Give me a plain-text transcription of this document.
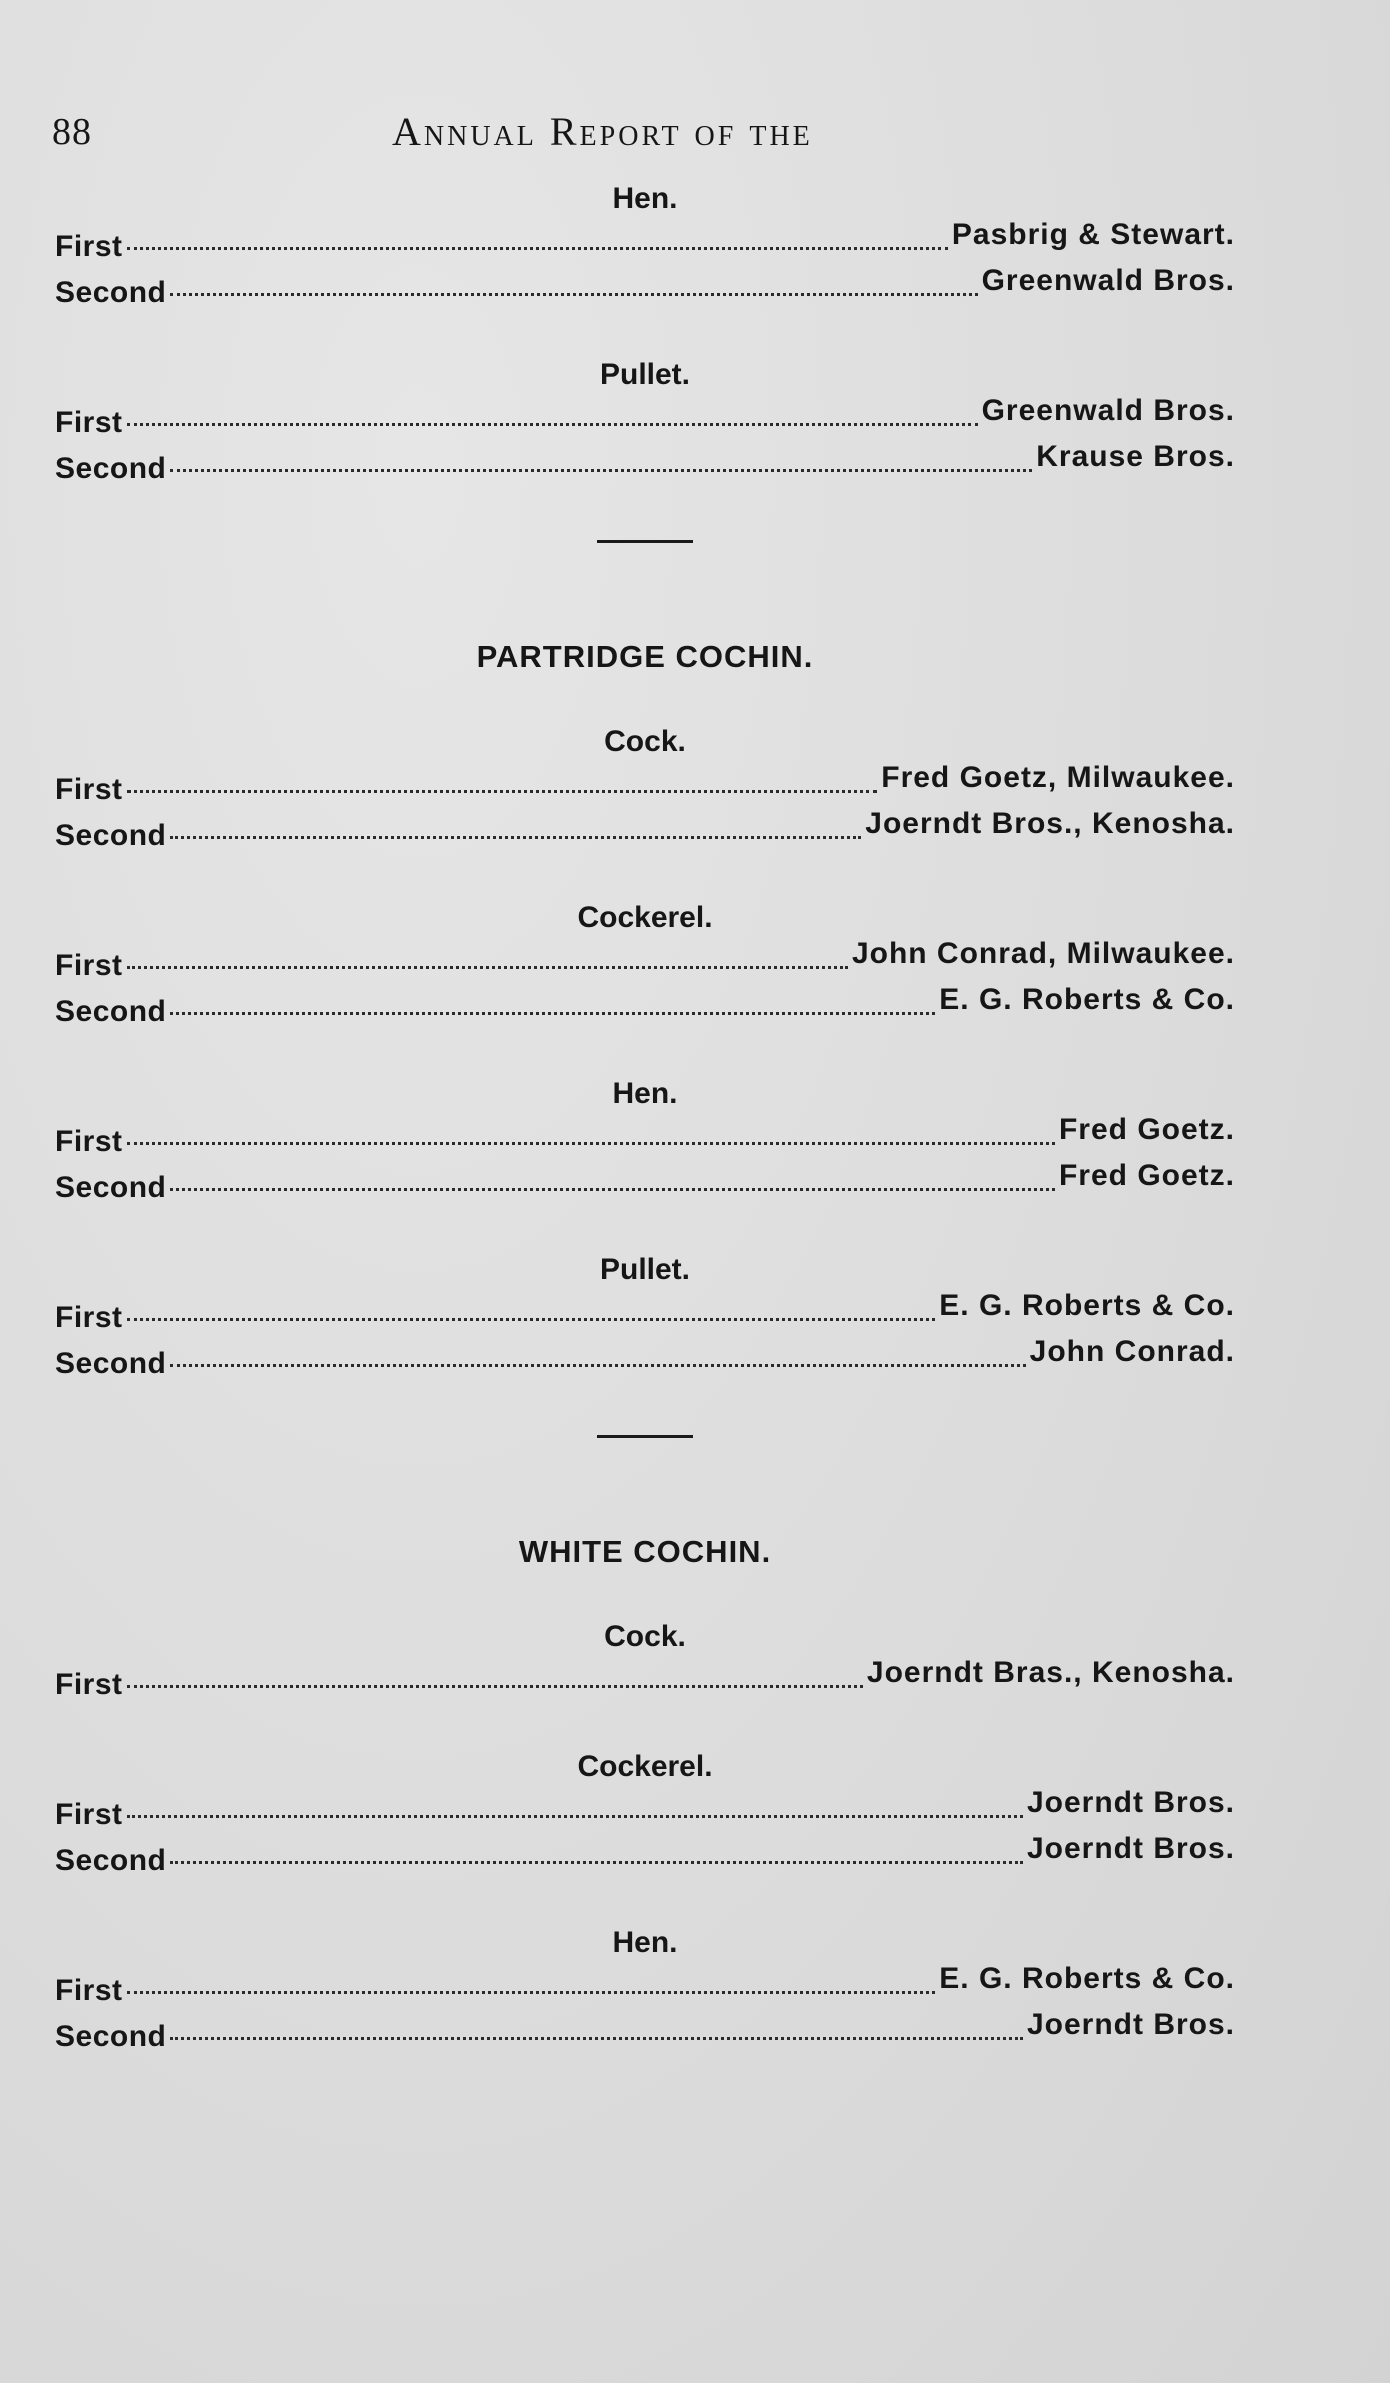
88	Annual Report of the
Hen.
First	Pasbrig & Stewart.
Second	Greenwald Bros.
Pullet.
First	Greenwald Bros.
Second	Krause Bros.
PARTRIDGE COCHIN.
Cock.
First	Fred Goetz, Milwaukee.
Second	Joerndt Bros., Kenosha.
Cockerel.
First	John Conrad, Milwaukee.
Second	E. G. Roberts & Co.
Hen.
First	Fred Goetz.
Second	Fred Goetz.
Pullet.
First	E. G. Roberts & Co.
Second	John Conrad.
WHITE COCHIN.
Cock.
First	Joerndt Bras., Kenosha.
Cockerel.
First	Joerndt Bros.
Second	Joerndt Bros.
Hen.
First	E. G. Roberts & Co.
Second	Joerndt Bros.
